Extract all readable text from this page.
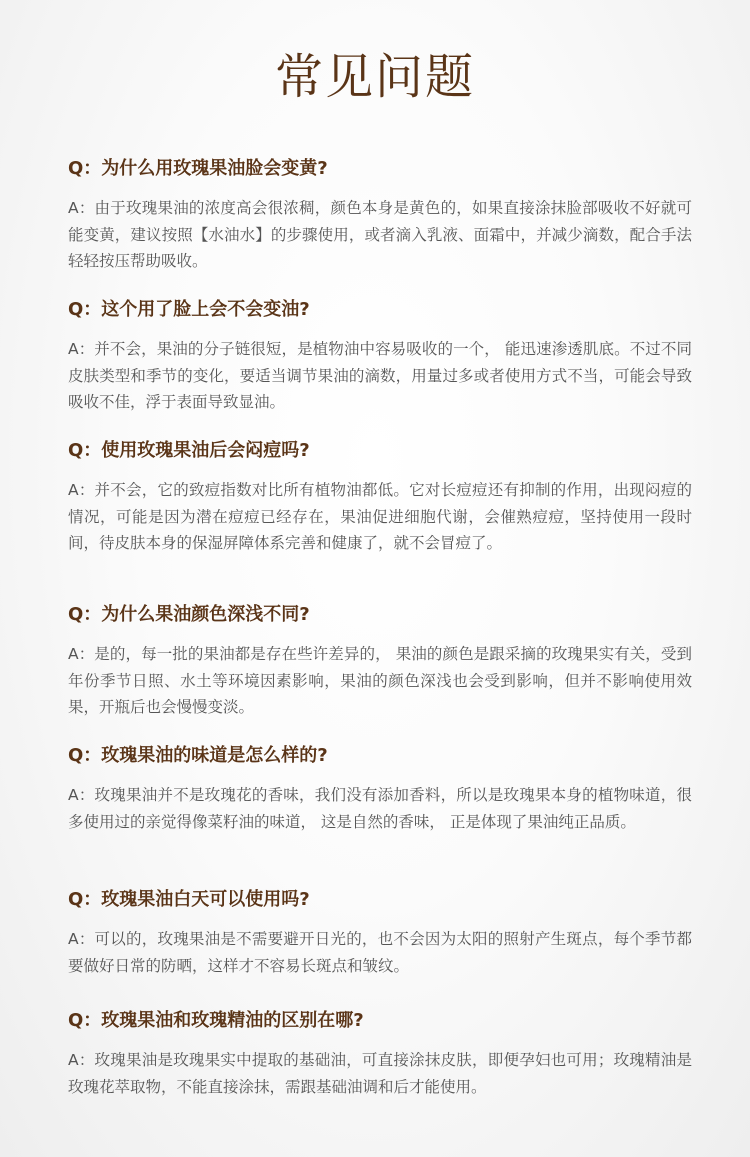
常见问题

Q：为什么用玫瑰果油脸会变黄?

A：由于玫瑰果油的浓度高会很浓稠，颜色本身是黄色的，如果直接涂抹脸部吸收不好就可能变黄，建议按照【水油水】的步骤使用，或者滴入乳液、面霜中，并减少滴数，配合手法轻轻按压帮助吸收。

Q：这个用了脸上会不会变油?

A：并不会，果油的分子链很短，是植物油中容易吸收的一个， 能迅速渗透肌底。不过不同皮肤类型和季节的变化，要适当调节果油的滴数，用量过多或者使用方式不当，可能会导致吸收不佳，浮于表面导致显油。

Q：使用玫瑰果油后会闷痘吗?

A：并不会，它的致痘指数对比所有植物油都低。它对长痘痘还有抑制的作用，出现闷痘的情况，可能是因为潜在痘痘已经存在，果油促进细胞代谢，会催熟痘痘，坚持使用一段时间，待皮肤本身的保湿屏障体系完善和健康了，就不会冒痘了。

Q：为什么果油颜色深浅不同?

A：是的，每一批的果油都是存在些许差异的， 果油的颜色是跟采摘的玫瑰果实有关，受到年份季节日照、水土等环境因素影响，果油的颜色深浅也会受到影响，但并不影响使用效果，开瓶后也会慢慢变淡。

Q：玫瑰果油的味道是怎么样的?

A：玫瑰果油并不是玫瑰花的香味，我们没有添加香料，所以是玫瑰果本身的植物味道，很多使用过的亲觉得像菜籽油的味道， 这是自然的香味， 正是体现了果油纯正品质。

Q：玫瑰果油白天可以使用吗?

A：可以的，玫瑰果油是不需要避开日光的，也不会因为太阳的照射产生斑点，每个季节都要做好日常的防晒，这样才不容易长斑点和皱纹。

Q：玫瑰果油和玫瑰精油的区别在哪?

A：玫瑰果油是玫瑰果实中提取的基础油，可直接涂抹皮肤，即便孕妇也可用；玫瑰精油是玫瑰花萃取物，不能直接涂抹，需跟基础油调和后才能使用。
